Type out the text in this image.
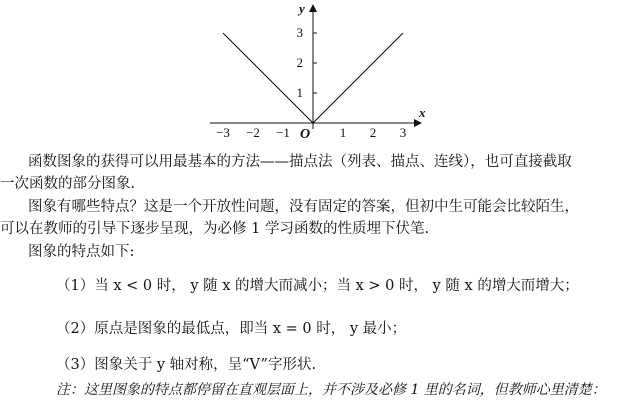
x
y
O
−3 −2 −1	1 2 3
1
2
3
函数图象的获得可以用最基本的方法——描点法（列表、描点、连线），也可直接截取
一次函数的部分图象.
图象有哪些特点？这是一个开放性问题，没有固定的答案，但初中生可能会比较陌生，
可以在教师的引导下逐步呈现，为必修 1 学习函数的性质埋下伏笔.
图象的特点如下:
（1）当 x < 0 时， y 随 x 的增大而减小；当 x > 0 时， y 随 x 的增大而增大；
（2）原点是图象的最低点，即当 x = 0 时， y 最小；
（3）图象关于 y 轴对称，呈“V”字形状.
注：这里图象的特点都停留在直观层面上，并不涉及必修 1 里的名词，但教师心里清楚：
